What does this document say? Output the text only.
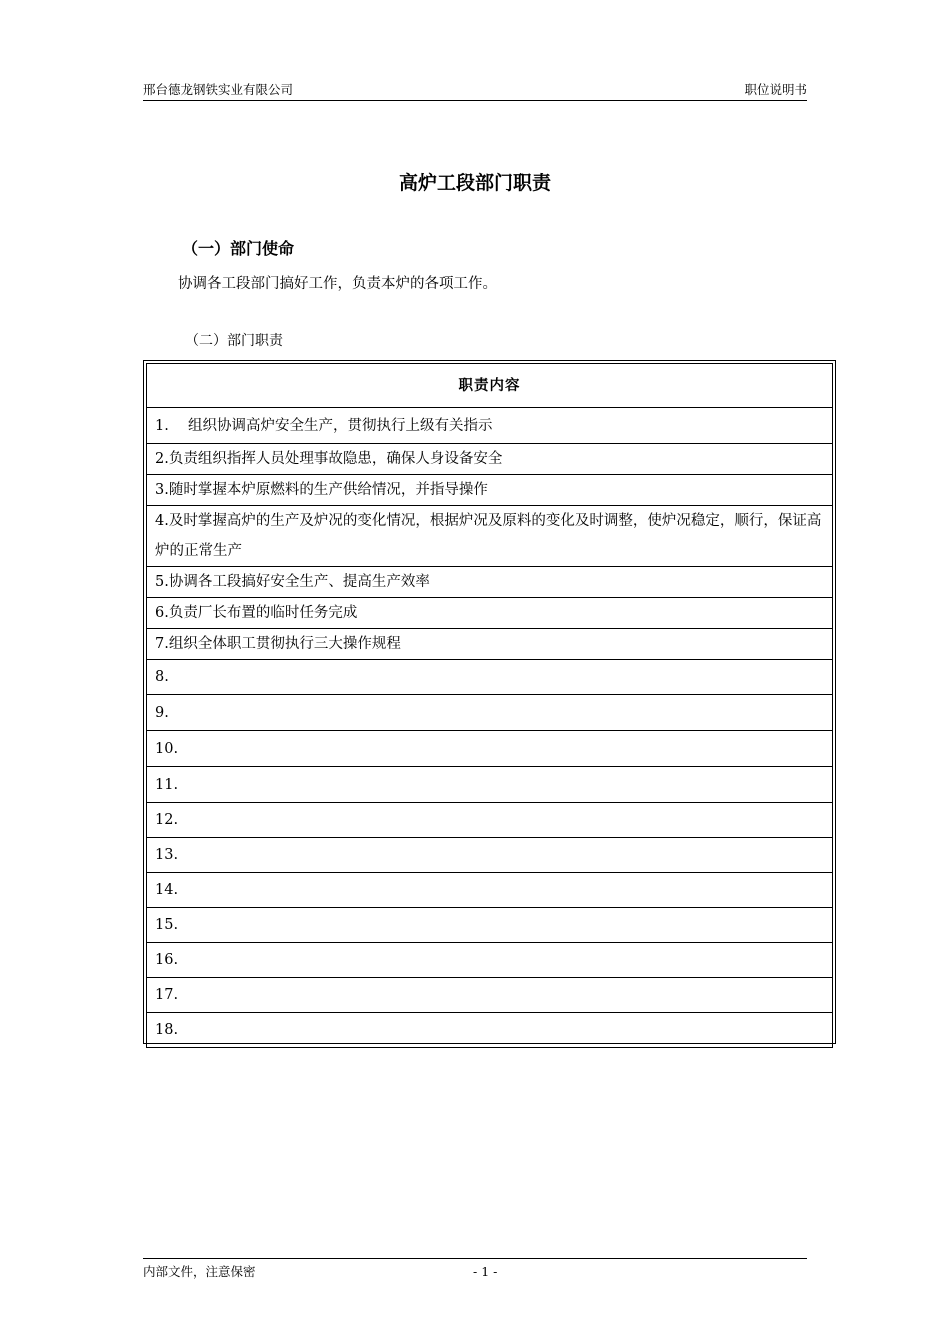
邢台德龙钢铁实业有限公司	职位说明书
高炉工段部门职责
（一）部门使命
协调各工段部门搞好工作，负责本炉的各项工作。
（二）部门职责
职责内容
1.　 组织协调高炉安全生产，贯彻执行上级有关指示
2.负责组织指挥人员处理事故隐患，确保人身设备安全
3.随时掌握本炉原燃料的生产供给情况，并指导操作
4.及时掌握高炉的生产及炉况的变化情况，根据炉况及原料的变化及时调整，使炉况稳定，顺行，保证高炉的正常生产
5.协调各工段搞好安全生产、提高生产效率
6.负责厂长布置的临时任务完成
7.组织全体职工贯彻执行三大操作规程
8.
9.
10.
11.
12.
13.
14.
15.
16.
17.
18.
内部文件，注意保密	- 1 -
